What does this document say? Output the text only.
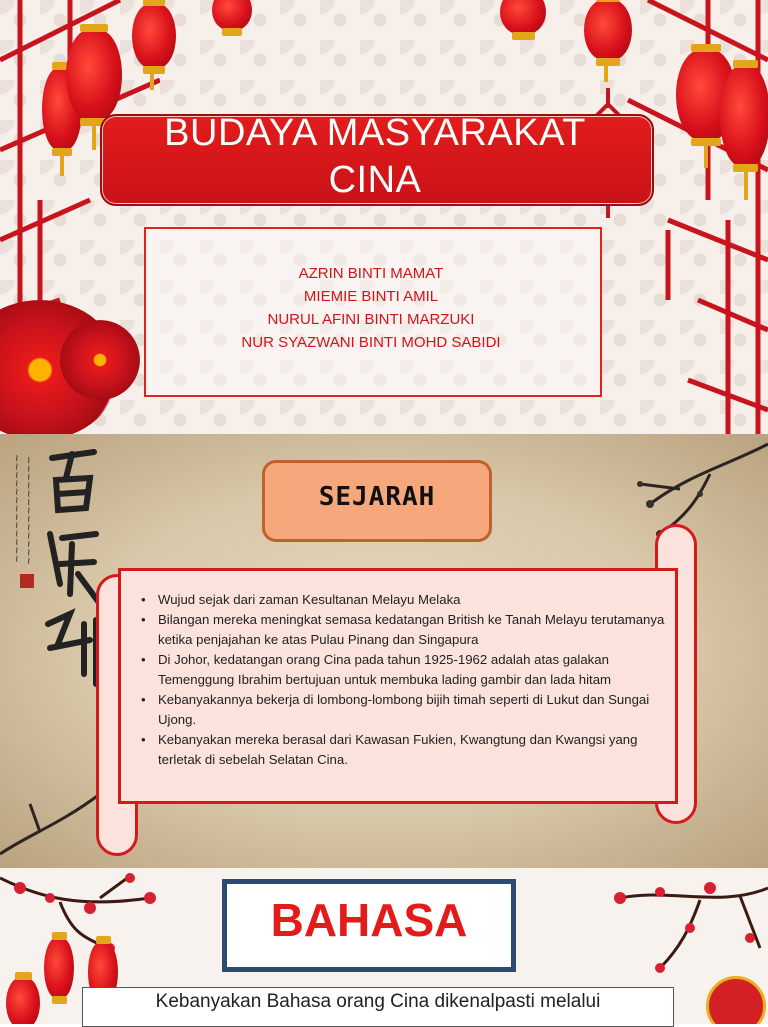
BUDAYA MASYARAKAT
CINA
AZRIN BINTI MAMAT
MIEMIE BINTI AMIL
NURUL AFINI BINTI MARZUKI
NUR SYAZWANI BINTI MOHD SABIDI
~~~~~~~~~~~~~ ~~~~~~~~~~~~~	SEJARAH
• Wujud sejak dari zaman Kesultanan Melayu Melaka
• Bilangan mereka meningkat semasa kedatangan British ke Tanah Melayu terutamanya ketika penjajahan ke atas Pulau Pinang dan Singapura
• Di Johor, kedatangan orang Cina pada tahun 1925-1962 adalah atas galakan Temenggung Ibrahim bertujuan untuk membuka lading gambir dan lada hitam
• Kebanyakannya bekerja di lombong-lombong bijih timah seperti di Lukut dan Sungai Ujong.
• Kebanyakan mereka berasal dari Kawasan Fukien, Kwangtung dan Kwangsi yang terletak di sebelah Selatan Cina.
BAHASA
Kebanyakan Bahasa orang Cina dikenalpasti melalui
